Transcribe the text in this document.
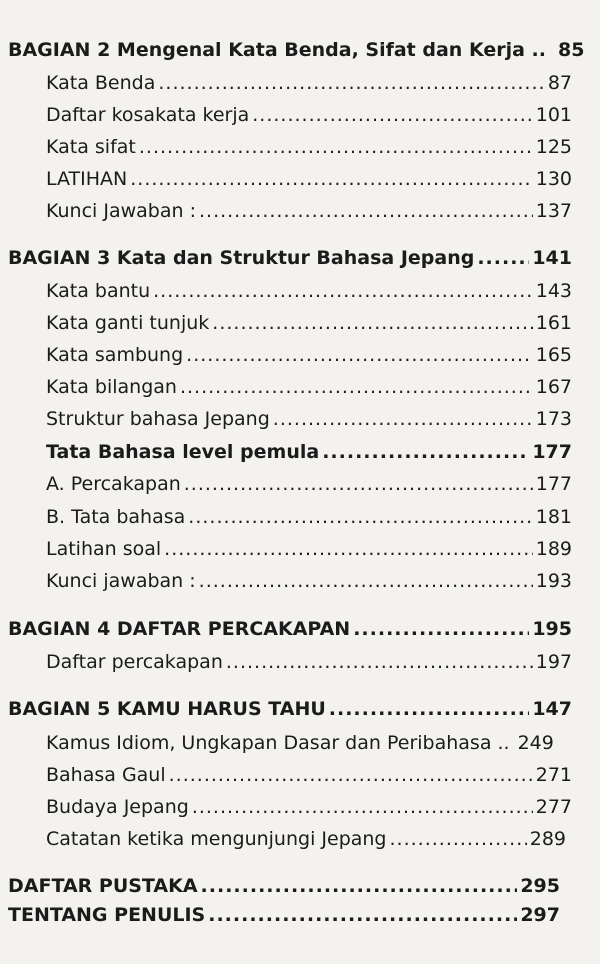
BAGIAN 2 Mengenal Kata Benda, Sifat dan Kerja .. 85
Kata Benda .....	87
Daftar kosakata kerja .....	101
Kata sifat .....	125
LATIHAN .....	130
Kunci Jawaban : .....	137
BAGIAN 3 Kata dan Struktur Bahasa Jepang .....	141
Kata bantu .....	143
Kata ganti tunjuk .....	161
Kata sambung .....	165
Kata bilangan .....	167
Struktur bahasa Jepang .....	173
Tata Bahasa level pemula .....	177
A. Percakapan .....	177
B. Tata bahasa .....	181
Latihan soal .....	189
Kunci jawaban : .....	193
BAGIAN 4 DAFTAR PERCAKAPAN .....	195
Daftar percakapan .....	197
BAGIAN 5 KAMU HARUS TAHU .....	147
Kamus Idiom, Ungkapan Dasar dan Peribahasa .. 249
Bahasa Gaul .....	271
Budaya Jepang .....	277
Catatan ketika mengunjungi Jepang .....	289
DAFTAR PUSTAKA .....	295
TENTANG PENULIS .....	297
